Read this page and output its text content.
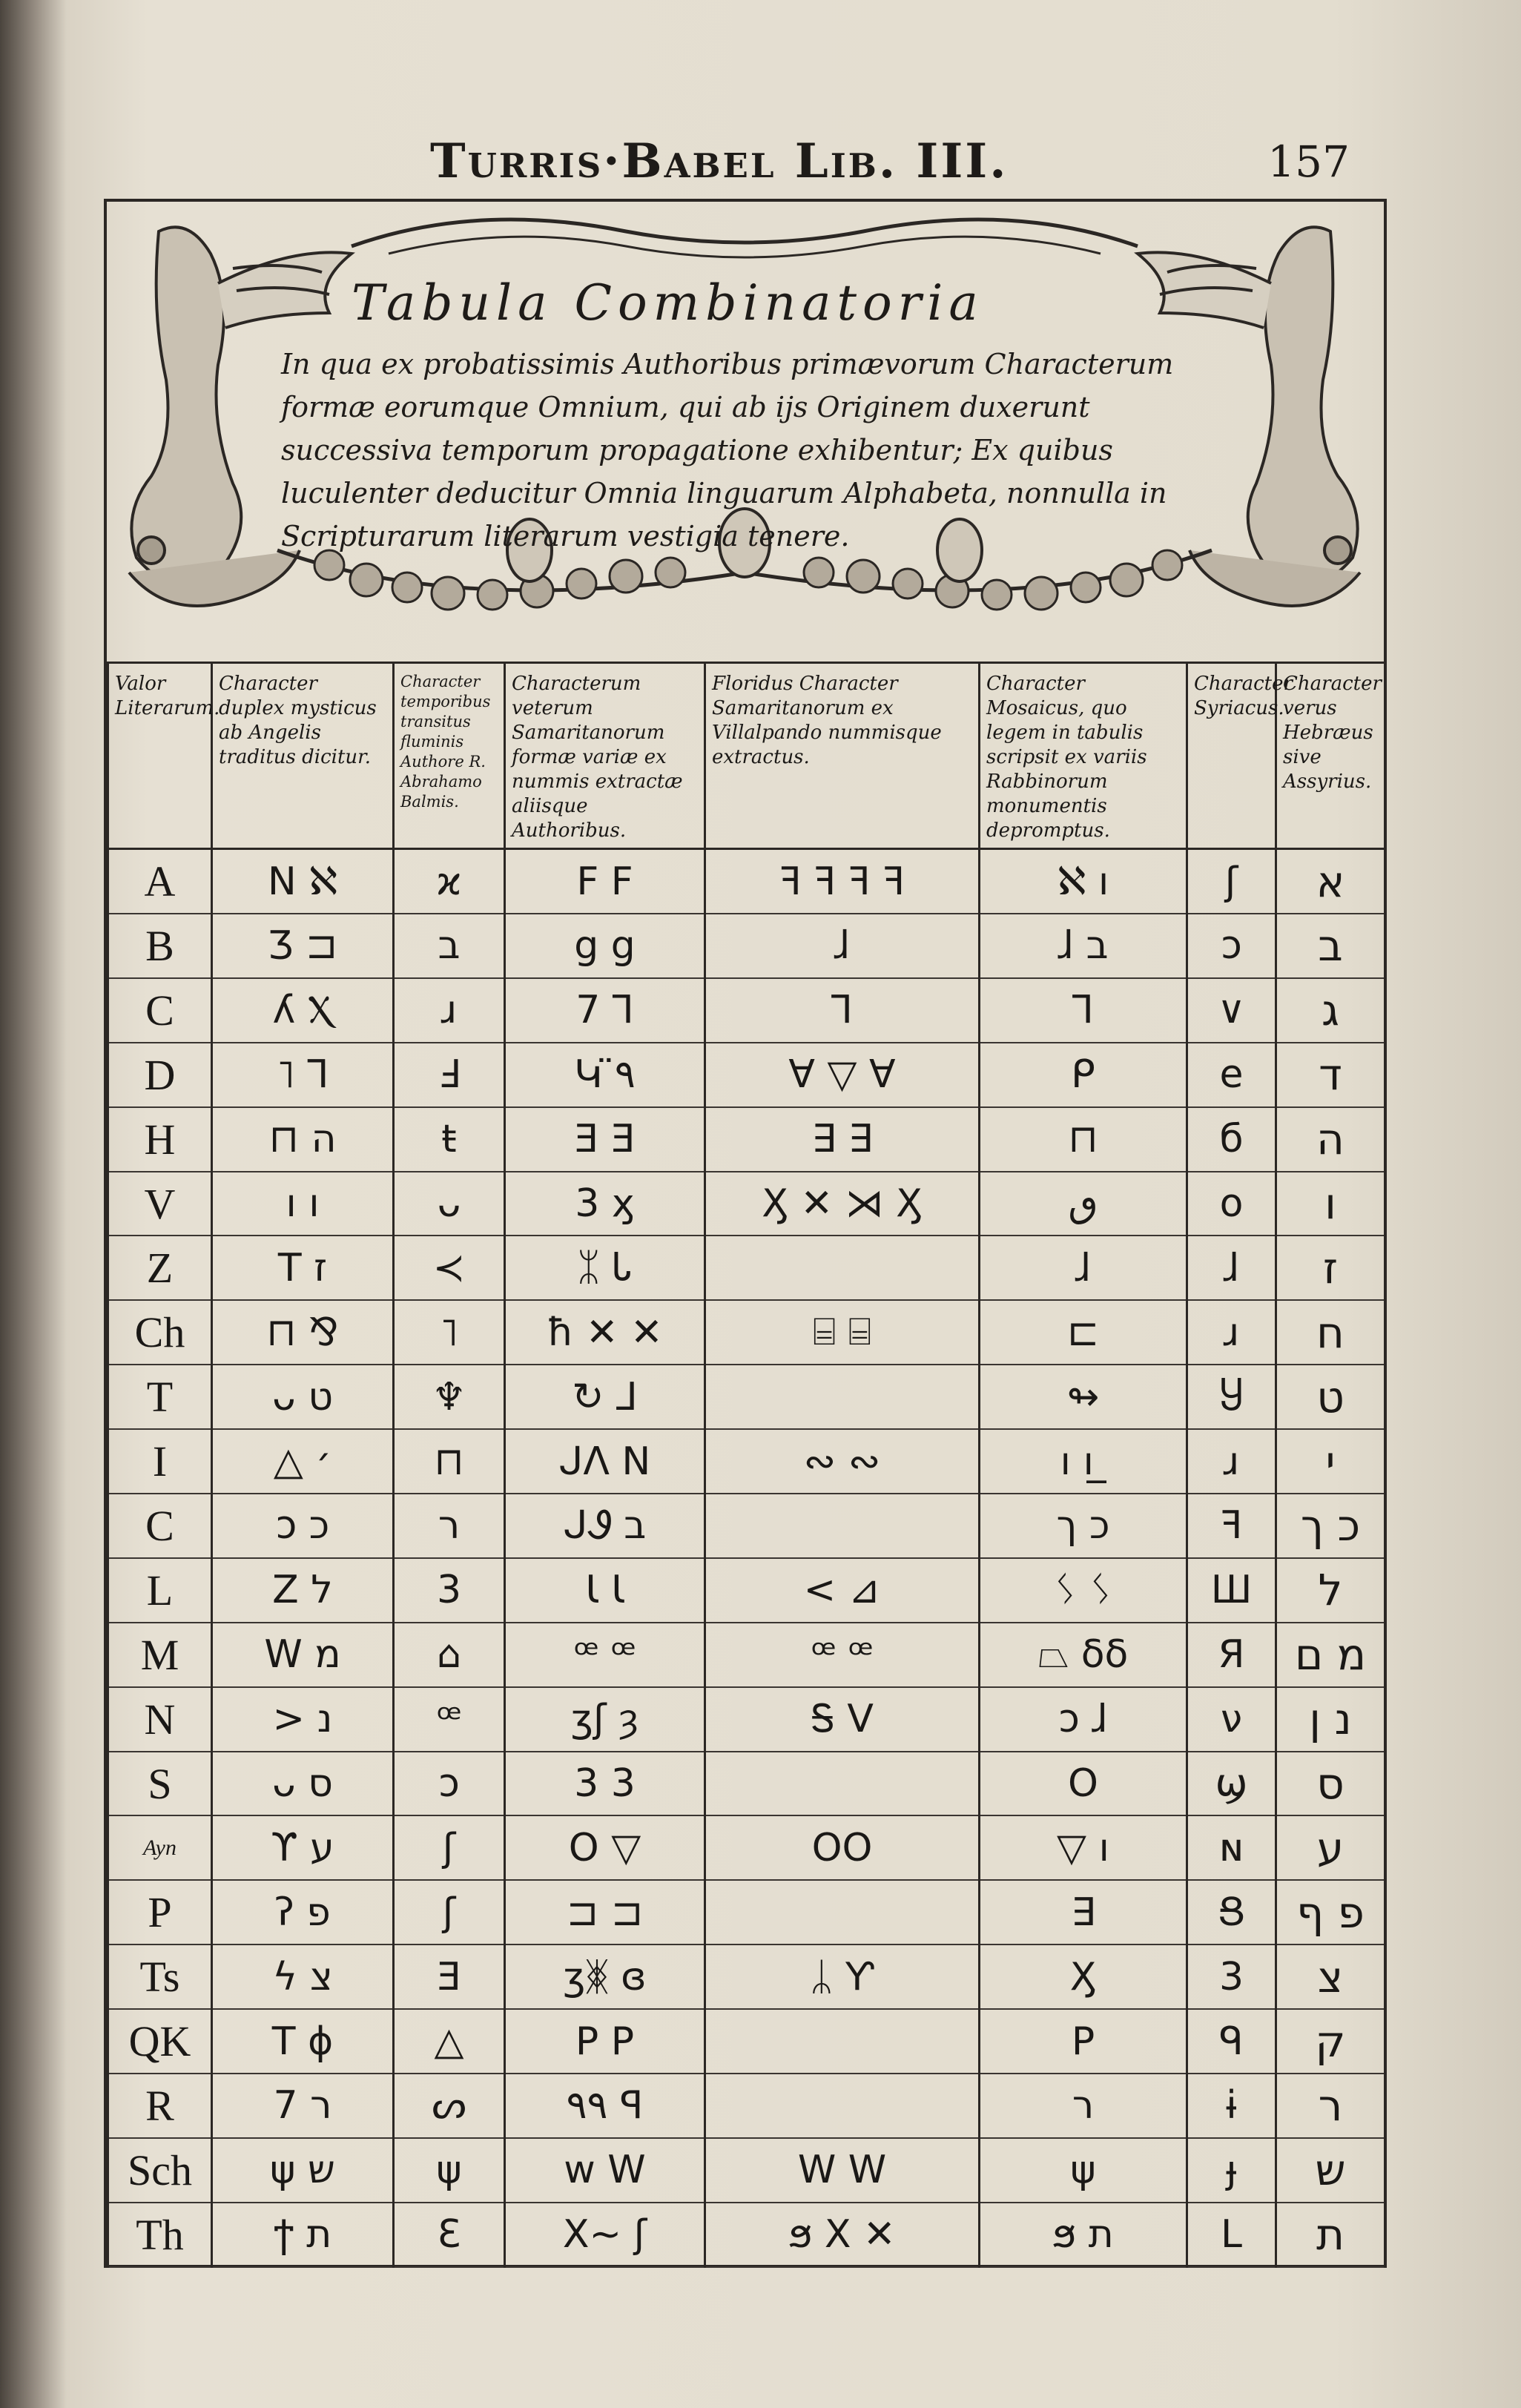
Turris·Babel Lib. III.	157
Tabula Combinatoria
In qua ex probatissimis Authoribus primævorum Characterum formæ eorumque Omnium, qui ab ijs Originem duxerunt successiva temporum propagatione exhibentur; Ex quibus luculenter deducitur Omnia linguarum Alphabeta, nonnulla in Scripturarum literarum vestigia tenere.
Valor Literarum.	Character duplex mysticus ab Angelis traditus dicitur.	Character temporibus transitus fluminis Authore R. Abrahamo Balmis.	Characterum veterum Samaritanorum formæ variæ ex nummis extractæ aliisque Authoribus.	Floridus Character Samaritanorum ex Villalpando nummisque extractus.	Character Mosaicus, quo legem in tabulis scripsit ex variis Rabbinorum monumentis depromptus.	Character Syriacus.	Character verus Hebræus sive Assyrius.
A	N ℵ	ϰ	F F	ꟻ ꟻ ꟻ ꟻ	ℵ ı	ʃ	א
B	Ʒ ⊐	ב	ց ց	ɺ	ɺ ב	ɔ	ב
C	ʎ Ⲭ	ɹ	7 ⅂	⅂	⅂	∨	ג
D	˥ ⅂	Ⅎ	Կ ̈٩	∀ ▽ ∀	ᑭ	e	ד
H	⊓ ה	ŧ	Ǝ Ǝ	∃ ∃	⊓	б	ה
V	ı ו	ᴗ	3 ӽ	Ӽ ✕ ⋊ Ӽ	ٯ	o	ו
Z	T ז	≺	ᛯ Ꮣ		ɺ	ɺ	ז
Ch	⊓ ⅋	˥	ħ ✕ ✕	⌸ ⌸	⊏	ɹ	ח
T	ᴗ ט	♆	↻ ⅃		↬	Ⴘ	ט
I	△ ׳	⊓	ᒍᐱ N	∾ ∾	ı ı ̲	ɹ	י
C	ɔ כ	ר	ᒍᏭ ב		כ ך	ꟻ	כ ך
L	Z ל	3	Ꙇ Ꙇ	< ⊿	ᛊ ᛊ	Ш	ל
M	W מ	⌂	ꟹ ꟹ	ꟹ ꟹ	⏢ δδ	Я	מ ם
N	> נ	ꟹ	ʒʃ ȝ	Ꭶ V	ɔ ɺ	ν	נ ן
S	ᴗ ס	ɔ	3 3		O	ϣ	ס
Ayn	ϒ ע	ʃ	O ▽	OO	▽ ı	ɴ	ע
P	ʔ פ	ʃ	⊐ ⊐		∃	Ց	פ ף
Ts	ϟ צ	Ǝ	ʒᛤ ɞ	ᛦ Ƴ	Ӽ	3	צ
QK	T ϕ	△	P P		P	ᑫ	ק
R	7 ר	ᔕ	٩٩ ꟼ		ר	ɨ	ר
Sch	ψ ש	ψ	w W	W W	ψ	ɟ	ש
Th	ϯ ת	Ɛ	X∼ ʃ	ϧ X ✕	ϧ ת	L	ת
